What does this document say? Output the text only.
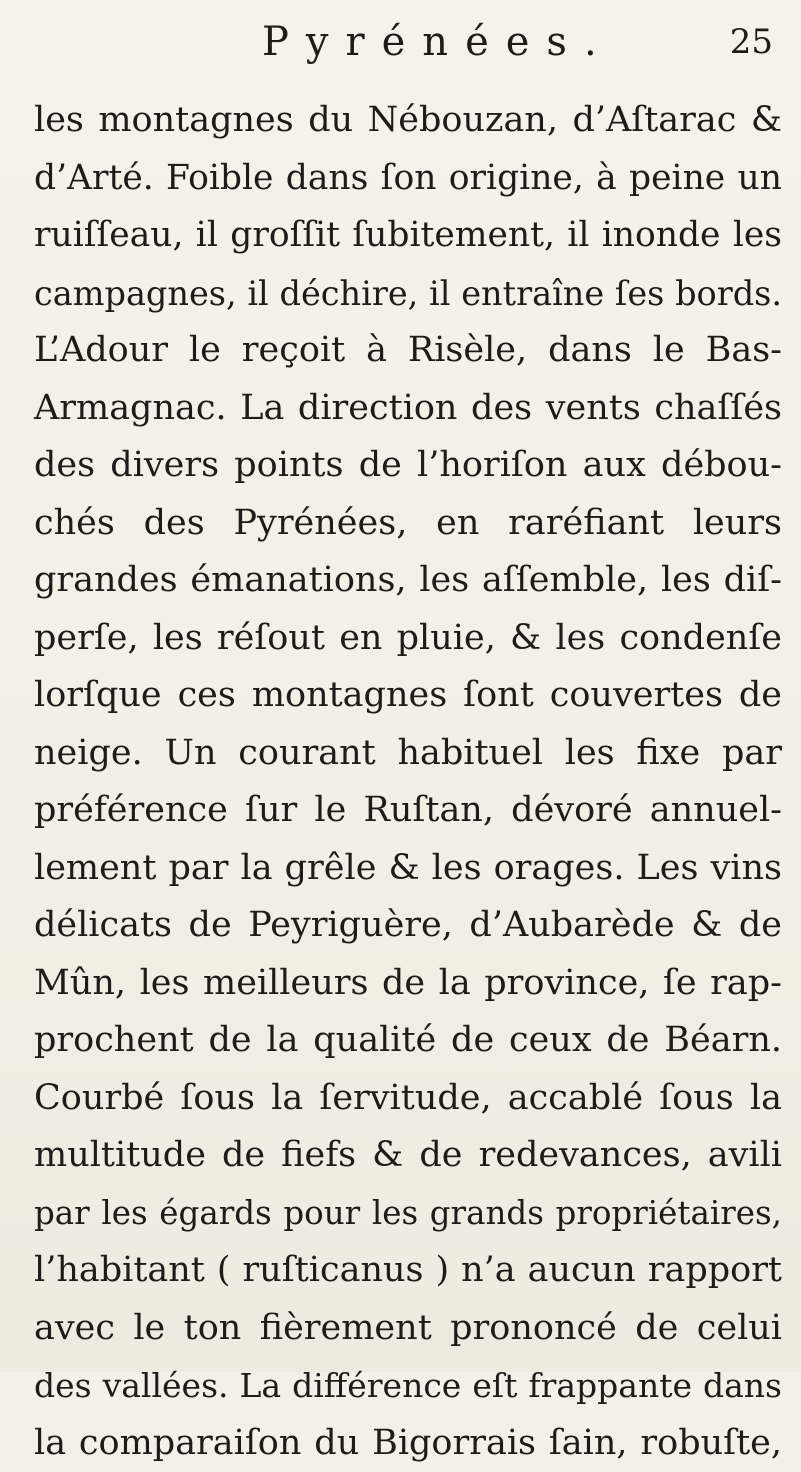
Pyrénées.	25
les montagnes du Nébouzan, d’Aſtarac &
d’Arté. Foible dans ſon origine, à peine un
ruiſſeau, il groſſit ſubitement, il inonde les
campagnes, il déchire, il entraîne ſes bords.
L’Adour le reçoit à Risèle, dans le Bas-
Armagnac. La direction des vents chaſſés
des divers points de l’horiſon aux débou-
chés des Pyrénées, en raréfiant leurs
grandes émanations, les aſſemble, les diſ-
perſe, les réſout en pluie, & les condenſe
lorſque ces montagnes ſont couvertes de
neige. Un courant habituel les fixe par
préférence ſur le Ruſtan, dévoré annuel-
lement par la grêle & les orages. Les vins
délicats de Peyriguère, d’Aubarède & de
Mûn, les meilleurs de la province, ſe rap-
prochent de la qualité de ceux de Béarn.
Courbé ſous la ſervitude, accablé ſous la
multitude de fiefs & de redevances, avili
par les égards pour les grands propriétaires,
l’habitant ( ruſticanus ) n’a aucun rapport
avec le ton fièrement prononcé de celui
des vallées. La différence eſt frappante dans
la comparaiſon du Bigorrais ſain, robuſte,
